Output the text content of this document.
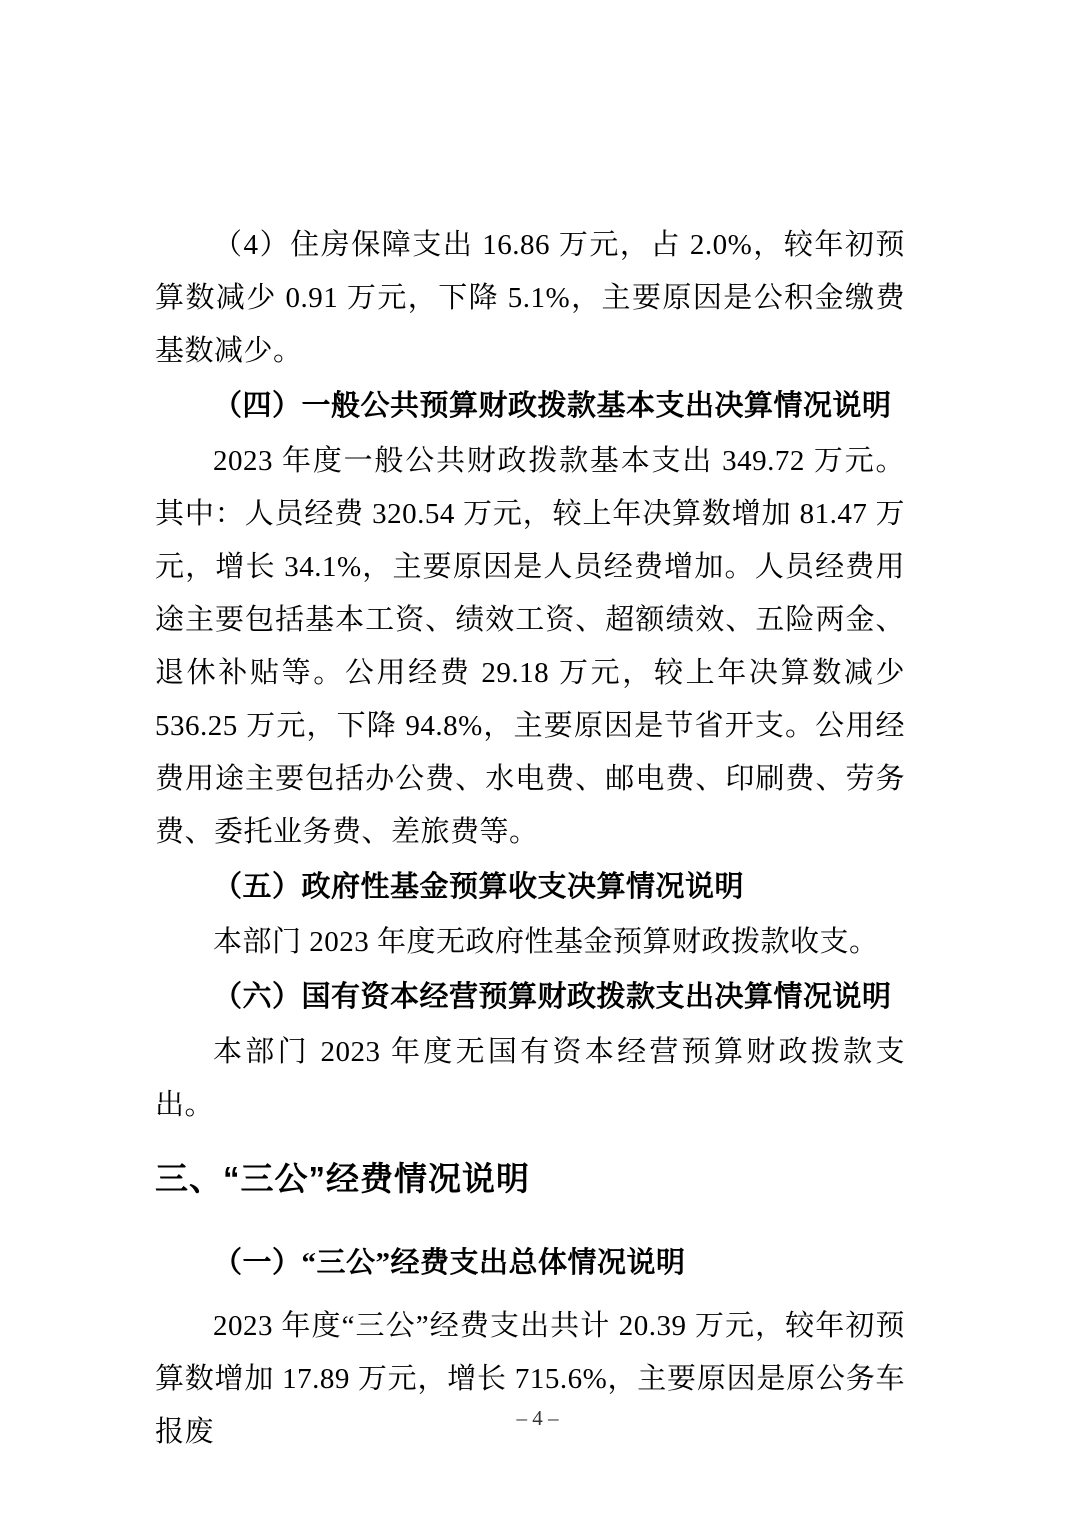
（4）住房保障支出 16.86 万元，占 2.0%，较年初预算数减少 0.91 万元，下降 5.1%，主要原因是公积金缴费基数减少。

（四）一般公共预算财政拨款基本支出决算情况说明

2023 年度一般公共财政拨款基本支出 349.72 万元。其中：人员经费 320.54 万元，较上年决算数增加 81.47 万元，增长 34.1%，主要原因是人员经费增加。人员经费用途主要包括基本工资、绩效工资、超额绩效、五险两金、退休补贴等。公用经费 29.18 万元，较上年决算数减少 536.25 万元，下降 94.8%，主要原因是节省开支。公用经费用途主要包括办公费、水电费、邮电费、印刷费、劳务费、委托业务费、差旅费等。

（五）政府性基金预算收支决算情况说明

本部门 2023 年度无政府性基金预算财政拨款收支。

（六）国有资本经营预算财政拨款支出决算情况说明

本部门 2023 年度无国有资本经营预算财政拨款支出。

三、“三公”经费情况说明
（一）“三公”经费支出总体情况说明

2023 年度“三公”经费支出共计 20.39 万元，较年初预算数增加 17.89 万元，增长 715.6%，主要原因是原公务车报废	– 4 –
